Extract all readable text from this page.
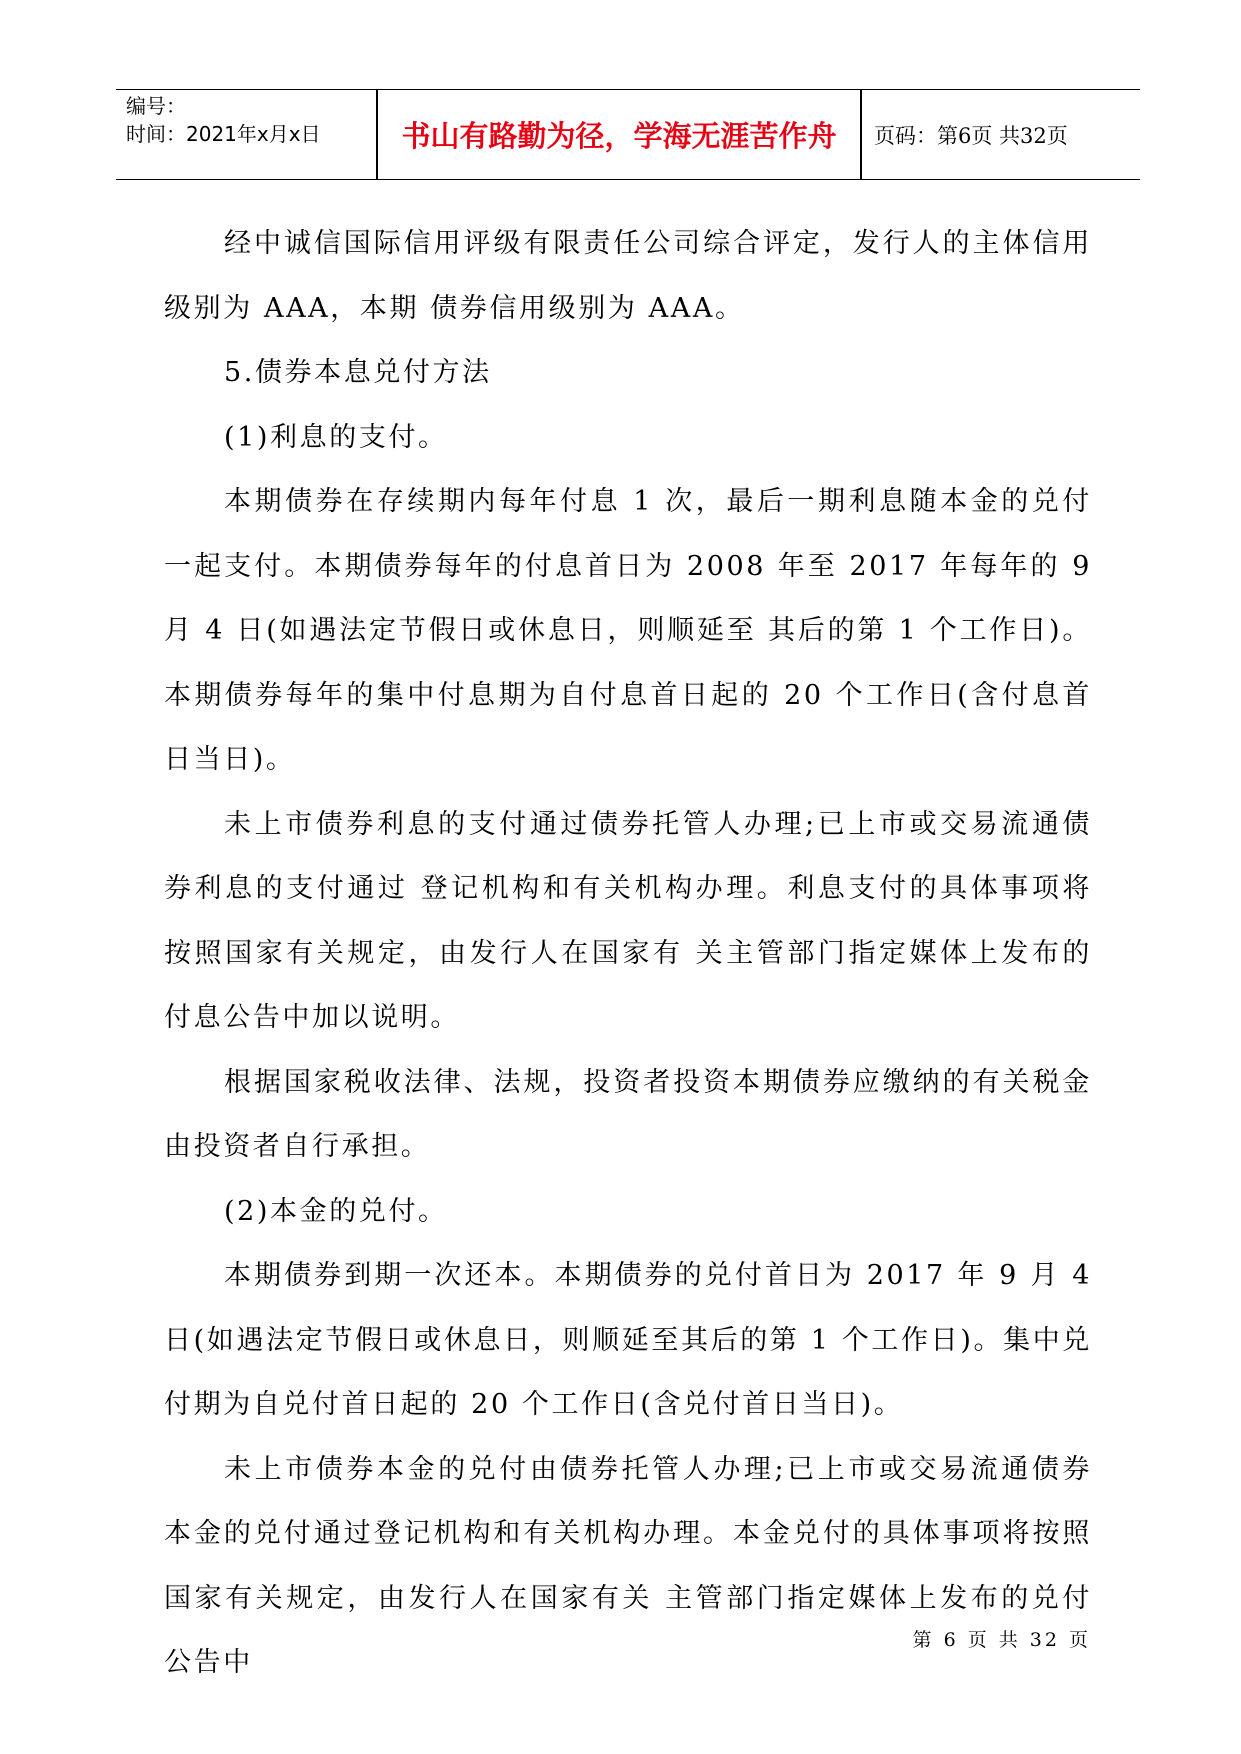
编号：
时间：2021年x月x日	书山有路勤为径，学海无涯苦作舟	页码：第6页 共32页

经中诚信国际信用评级有限责任公司综合评定，发行人的主体信用级别为 AAA，本期 债券信用级别为 AAA。

5.债券本息兑付方法

(1)利息的支付。

本期债券在存续期内每年付息 1 次，最后一期利息随本金的兑付一起支付。本期债券每年的付息首日为 2008 年至 2017 年每年的 9 月 4 日(如遇法定节假日或休息日，则顺延至 其后的第 1 个工作日)。本期债券每年的集中付息期为自付息首日起的 20 个工作日(含付息首日当日)。

未上市债券利息的支付通过债券托管人办理;已上市或交易流通债券利息的支付通过 登记机构和有关机构办理。利息支付的具体事项将按照国家有关规定，由发行人在国家有 关主管部门指定媒体上发布的付息公告中加以说明。

根据国家税收法律、法规，投资者投资本期债券应缴纳的有关税金由投资者自行承担。

(2)本金的兑付。

本期债券到期一次还本。本期债券的兑付首日为 2017 年 9 月 4 日(如遇法定节假日或休息日，则顺延至其后的第 1 个工作日)。集中兑付期为自兑付首日起的 20 个工作日(含兑付首日当日)。

未上市债券本金的兑付由债券托管人办理;已上市或交易流通债券本金的兑付通过登记机构和有关机构办理。本金兑付的具体事项将按照国家有关规定，由发行人在国家有关 主管部门指定媒体上发布的兑付公告中

第 6 页 共 32 页
